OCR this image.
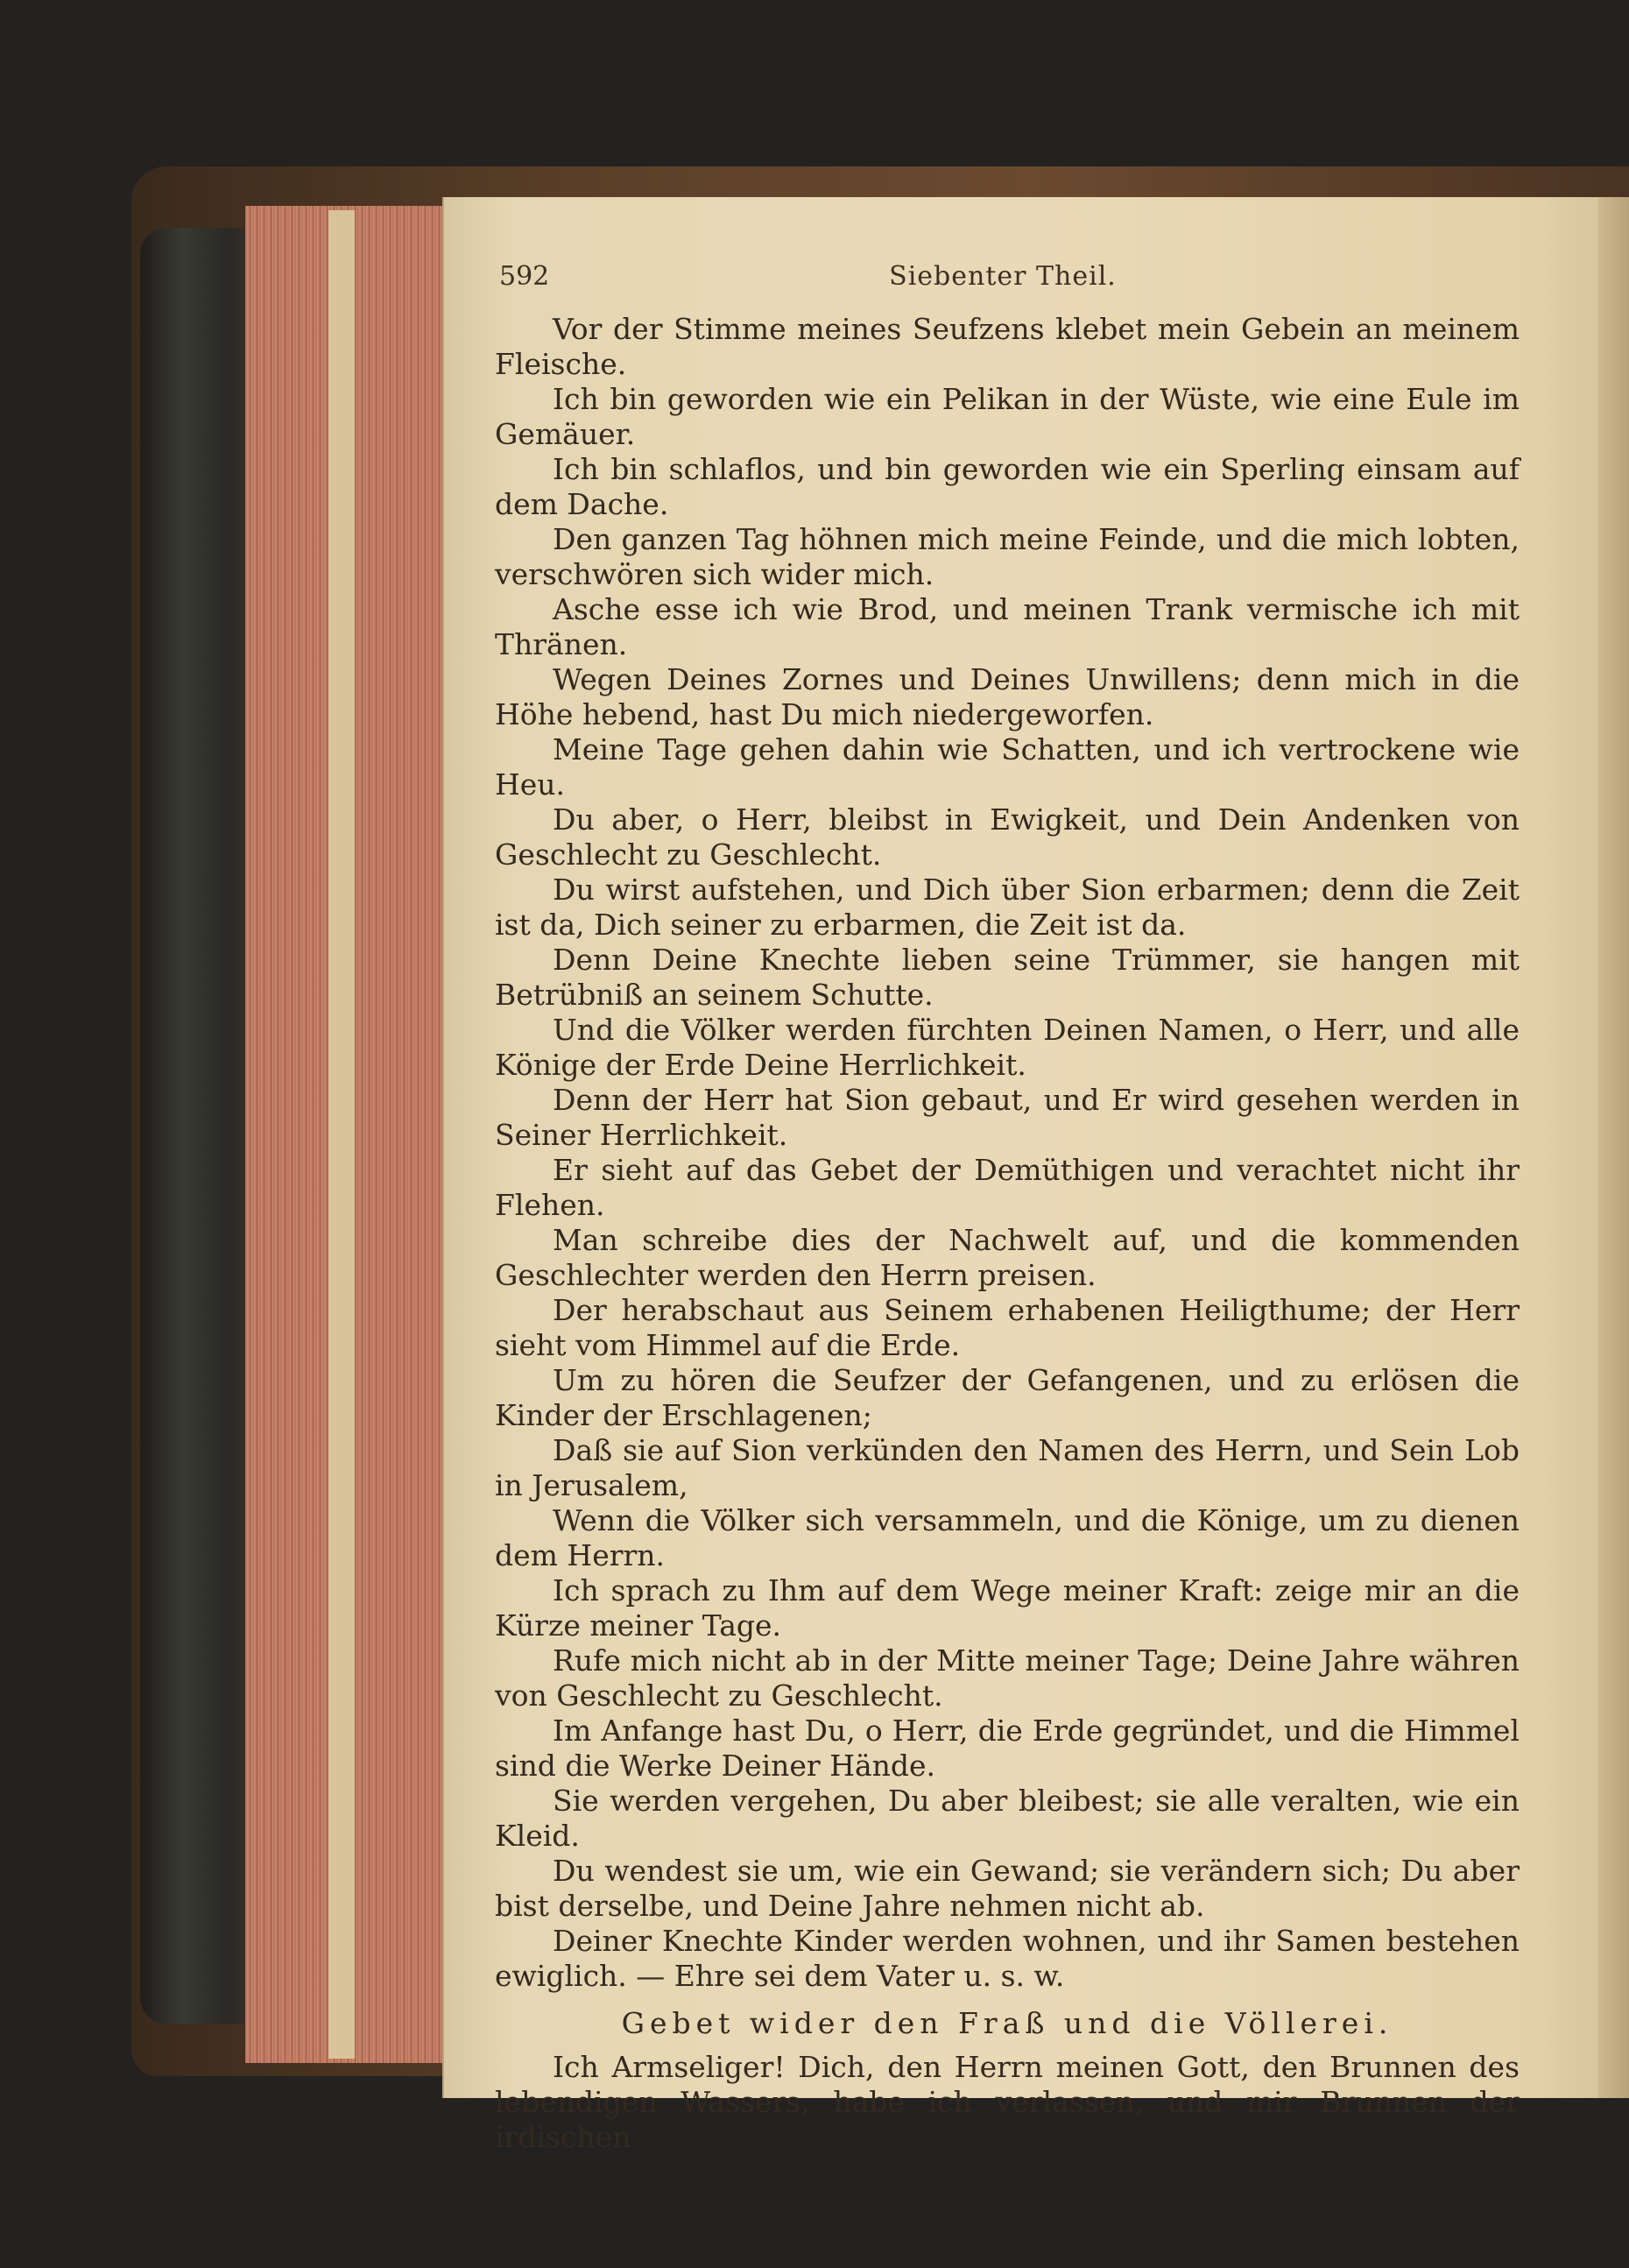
592	Siebenter Theil.

Vor der Stimme meines Seufzens klebet mein Gebein an meinem Fleische.

Ich bin geworden wie ein Pelikan in der Wüste, wie eine Eule im Gemäuer.

Ich bin schlaflos, und bin geworden wie ein Sperling einsam auf dem Dache.

Den ganzen Tag höhnen mich meine Feinde, und die mich lobten, verschwören sich wider mich.

Asche esse ich wie Brod, und meinen Trank vermische ich mit Thränen.

Wegen Deines Zornes und Deines Unwillens; denn mich in die Höhe hebend, hast Du mich niedergeworfen.

Meine Tage gehen dahin wie Schatten, und ich vertrockene wie Heu.

Du aber, o Herr, bleibst in Ewigkeit, und Dein Andenken von Geschlecht zu Geschlecht.

Du wirst aufstehen, und Dich über Sion erbarmen; denn die Zeit ist da, Dich seiner zu erbarmen, die Zeit ist da.

Denn Deine Knechte lieben seine Trümmer, sie hangen mit Betrübniß an seinem Schutte.

Und die Völker werden fürchten Deinen Namen, o Herr, und alle Könige der Erde Deine Herrlichkeit.

Denn der Herr hat Sion gebaut, und Er wird gesehen werden in Seiner Herrlichkeit.

Er sieht auf das Gebet der Demüthigen und verachtet nicht ihr Flehen.

Man schreibe dies der Nachwelt auf, und die kommenden Geschlechter werden den Herrn preisen.

Der herabschaut aus Seinem erhabenen Heiligthume; der Herr sieht vom Himmel auf die Erde.

Um zu hören die Seufzer der Gefangenen, und zu erlösen die Kinder der Erschlagenen;

Daß sie auf Sion verkünden den Namen des Herrn, und Sein Lob in Jerusalem,

Wenn die Völker sich versammeln, und die Könige, um zu dienen dem Herrn.

Ich sprach zu Ihm auf dem Wege meiner Kraft: zeige mir an die Kürze meiner Tage.

Rufe mich nicht ab in der Mitte meiner Tage; Deine Jahre währen von Geschlecht zu Geschlecht.

Im Anfange hast Du, o Herr, die Erde gegründet, und die Himmel sind die Werke Deiner Hände.

Sie werden vergehen, Du aber bleibest; sie alle veralten, wie ein Kleid.

Du wendest sie um, wie ein Gewand; sie verändern sich; Du aber bist derselbe, und Deine Jahre nehmen nicht ab.

Deiner Knechte Kinder werden wohnen, und ihr Samen bestehen ewiglich. — Ehre sei dem Vater u. s. w.

Gebet wider den Fraß und die Völlerei.

Ich Armseliger! Dich, den Herrn meinen Gott, den Brunnen des lebendigen Wassers, habe ich verlassen, und mir Brunnen der irdischen
